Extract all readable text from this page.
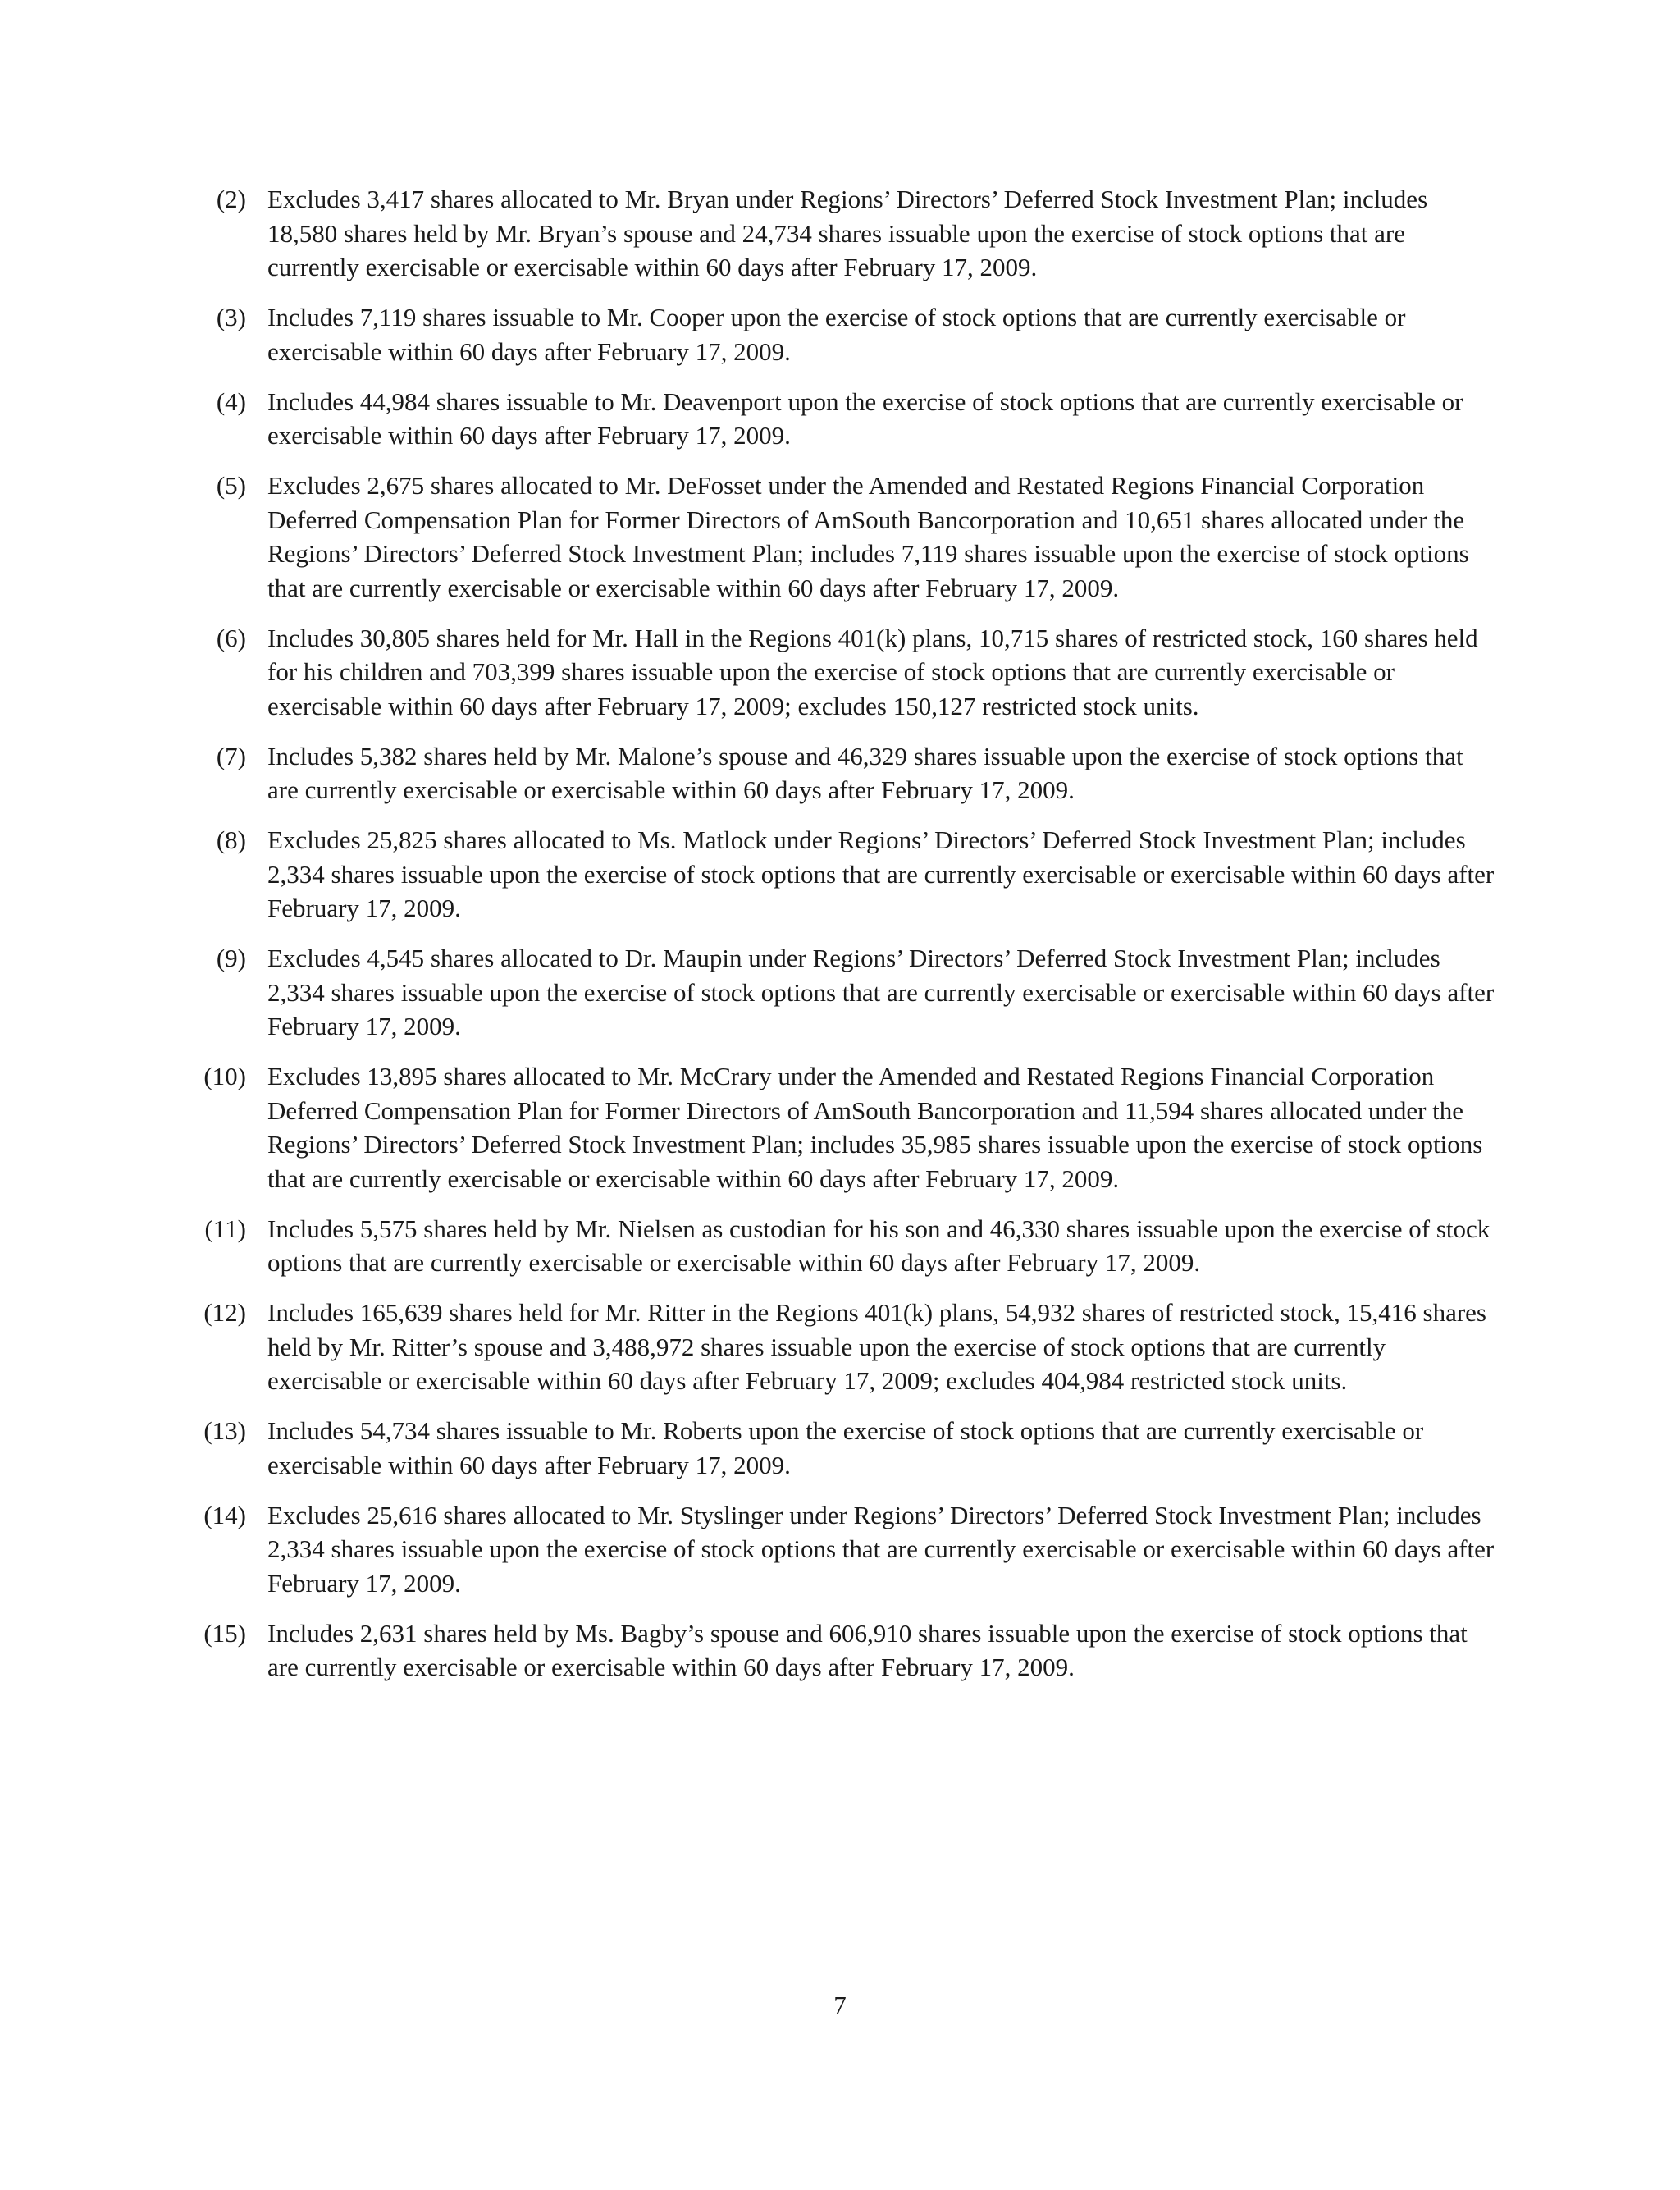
(2) Excludes 3,417 shares allocated to Mr. Bryan under Regions’ Directors’ Deferred Stock Investment Plan; includes 18,580 shares held by Mr. Bryan’s spouse and 24,734 shares issuable upon the exercise of stock options that are currently exercisable or exercisable within 60 days after February 17, 2009.
(3) Includes 7,119 shares issuable to Mr. Cooper upon the exercise of stock options that are currently exercisable or exercisable within 60 days after February 17, 2009.
(4) Includes 44,984 shares issuable to Mr. Deavenport upon the exercise of stock options that are currently exercisable or exercisable within 60 days after February 17, 2009.
(5) Excludes 2,675 shares allocated to Mr. DeFosset under the Amended and Restated Regions Financial Corporation Deferred Compensation Plan for Former Directors of AmSouth Bancorporation and 10,651 shares allocated under the Regions’ Directors’ Deferred Stock Investment Plan; includes 7,119 shares issuable upon the exercise of stock options that are currently exercisable or exercisable within 60 days after February 17, 2009.
(6) Includes 30,805 shares held for Mr. Hall in the Regions 401(k) plans, 10,715 shares of restricted stock, 160 shares held for his children and 703,399 shares issuable upon the exercise of stock options that are currently exercisable or exercisable within 60 days after February 17, 2009; excludes 150,127 restricted stock units.
(7) Includes 5,382 shares held by Mr. Malone’s spouse and 46,329 shares issuable upon the exercise of stock options that are currently exercisable or exercisable within 60 days after February 17, 2009.
(8) Excludes 25,825 shares allocated to Ms. Matlock under Regions’ Directors’ Deferred Stock Investment Plan; includes 2,334 shares issuable upon the exercise of stock options that are currently exercisable or exercisable within 60 days after February 17, 2009.
(9) Excludes 4,545 shares allocated to Dr. Maupin under Regions’ Directors’ Deferred Stock Investment Plan; includes 2,334 shares issuable upon the exercise of stock options that are currently exercisable or exercisable within 60 days after February 17, 2009.
(10) Excludes 13,895 shares allocated to Mr. McCrary under the Amended and Restated Regions Financial Corporation Deferred Compensation Plan for Former Directors of AmSouth Bancorporation and 11,594 shares allocated under the Regions’ Directors’ Deferred Stock Investment Plan; includes 35,985 shares issuable upon the exercise of stock options that are currently exercisable or exercisable within 60 days after February 17, 2009.
(11) Includes 5,575 shares held by Mr. Nielsen as custodian for his son and 46,330 shares issuable upon the exercise of stock options that are currently exercisable or exercisable within 60 days after February 17, 2009.
(12) Includes 165,639 shares held for Mr. Ritter in the Regions 401(k) plans, 54,932 shares of restricted stock, 15,416 shares held by Mr. Ritter’s spouse and 3,488,972 shares issuable upon the exercise of stock options that are currently exercisable or exercisable within 60 days after February 17, 2009; excludes 404,984 restricted stock units.
(13) Includes 54,734 shares issuable to Mr. Roberts upon the exercise of stock options that are currently exercisable or exercisable within 60 days after February 17, 2009.
(14) Excludes 25,616 shares allocated to Mr. Styslinger under Regions’ Directors’ Deferred Stock Investment Plan; includes 2,334 shares issuable upon the exercise of stock options that are currently exercisable or exercisable within 60 days after February 17, 2009.
(15) Includes 2,631 shares held by Ms. Bagby’s spouse and 606,910 shares issuable upon the exercise of stock options that are currently exercisable or exercisable within 60 days after February 17, 2009.
7
